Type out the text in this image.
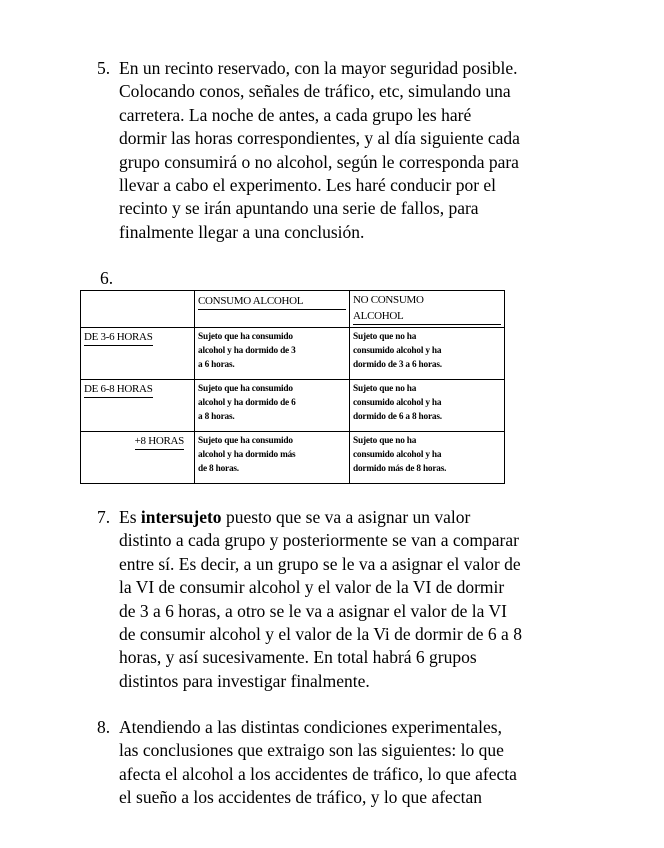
5. En un recinto reservado, con la mayor seguridad posible.
Colocando conos, señales de tráfico, etc, simulando una
carretera. La noche de antes, a cada grupo les haré
dormir las horas correspondientes, y al día siguiente cada
grupo consumirá o no alcohol, según le corresponda para
llevar a cabo el experimento. Les haré conducir por el
recinto y se irán apuntando una serie de fallos, para
finalmente llegar a una conclusión.
6.

	CONSUMO ALCOHOL	NO CONSUMO
ALCOHOL

DE 3-6 HORAS	Sujeto que ha consumido
alcohol y ha dormido de 3
a 6 horas.	Sujeto que no ha
consumido alcohol y ha
dormido de 3 a 6 horas.

DE 6-8 HORAS	Sujeto que ha consumido
alcohol y ha dormido de 6
a 8 horas.	Sujeto que no ha
consumido alcohol y ha
dormido de 6 a 8 horas.

+8 HORAS	Sujeto que ha consumido
alcohol y ha dormido más
de 8 horas.	Sujeto que no ha
consumido alcohol y ha
dormido más de 8 horas.
7. Es intersujeto puesto que se va a asignar un valor
distinto a cada grupo y posteriormente se van a comparar
entre sí. Es decir, a un grupo se le va a asignar el valor de
la VI de consumir alcohol y el valor de la VI de dormir
de 3 a 6 horas, a otro se le va a asignar el valor de la VI
de consumir alcohol y el valor de la Vi de dormir de 6 a 8
horas, y así sucesivamente. En total habrá 6 grupos
distintos para investigar finalmente.
8. Atendiendo a las distintas condiciones experimentales,
las conclusiones que extraigo son las siguientes: lo que
afecta el alcohol a los accidentes de tráfico, lo que afecta
el sueño a los accidentes de tráfico, y lo que afectan
